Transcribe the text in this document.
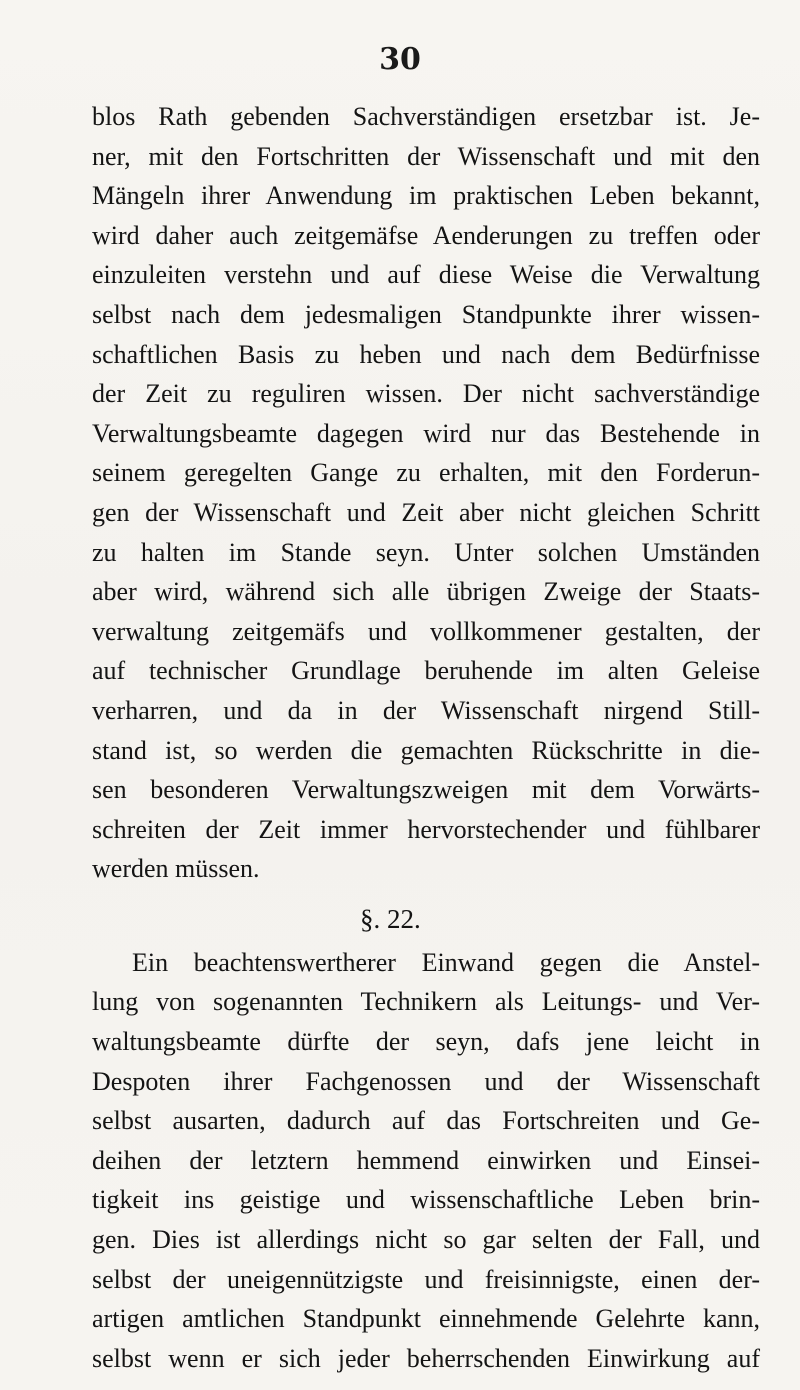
30
blos Rath gebenden Sachverständigen ersetzbar ist. Je-
ner, mit den Fortschritten der Wissenschaft und mit den
Mängeln ihrer Anwendung im praktischen Leben bekannt,
wird daher auch zeitgemäfse Aenderungen zu treffen oder
einzuleiten verstehn und auf diese Weise die Verwaltung
selbst nach dem jedesmaligen Standpunkte ihrer wissen-
schaftlichen Basis zu heben und nach dem Bedürfnisse
der Zeit zu reguliren wissen. Der nicht sachverständige
Verwaltungsbeamte dagegen wird nur das Bestehende in
seinem geregelten Gange zu erhalten, mit den Forderun-
gen der Wissenschaft und Zeit aber nicht gleichen Schritt
zu halten im Stande seyn. Unter solchen Umständen
aber wird, während sich alle übrigen Zweige der Staats-
verwaltung zeitgemäfs und vollkommener gestalten, der
auf technischer Grundlage beruhende im alten Geleise
verharren, und da in der Wissenschaft nirgend Still-
stand ist, so werden die gemachten Rückschritte in die-
sen besonderen Verwaltungszweigen mit dem Vorwärts-
schreiten der Zeit immer hervorstechender und fühlbarer
werden müssen.
§. 22.
Ein beachtenswertherer Einwand gegen die Anstel-
lung von sogenannten Technikern als Leitungs- und Ver-
waltungsbeamte dürfte der seyn, dafs jene leicht in
Despoten ihrer Fachgenossen und der Wissenschaft
selbst ausarten, dadurch auf das Fortschreiten und Ge-
deihen der letztern hemmend einwirken und Einsei-
tigkeit ins geistige und wissenschaftliche Leben brin-
gen. Dies ist allerdings nicht so gar selten der Fall, und
selbst der uneigennützigste und freisinnigste, einen der-
artigen amtlichen Standpunkt einnehmende Gelehrte kann,
selbst wenn er sich jeder beherrschenden Einwirkung auf
